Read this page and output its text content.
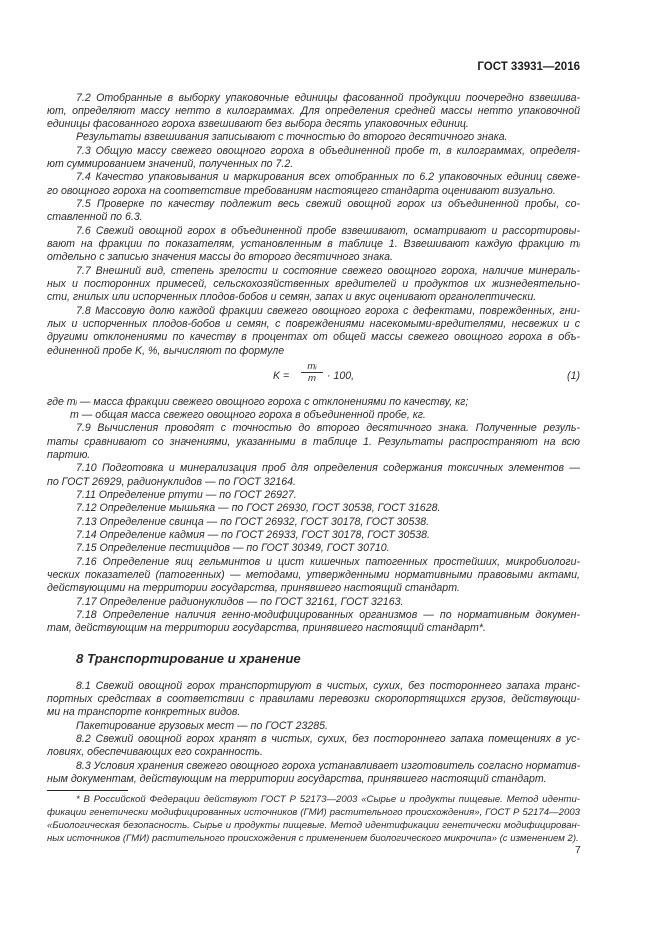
ГОСТ 33931—2016
7.2 Отобранные в выборку упаковочные единицы фасованной продукции поочередно взвешива-
ют, определяют массу нетто в килограммах. Для определения средней массы нетто упаковочной
единицы фасованного гороха взвешивают без выбора десять упаковочных единиц.
Результаты взвешивания записывают с точностью до второго десятичного знака.
7.3 Общую массу свежего овощного гороха в объединенной пробе m, в килограммах, определя-
ют суммированием значений, полученных по 7.2.
7.4 Качество упаковывания и маркирования всех отобранных по 6.2 упаковочных единиц свеже-
го овощного гороха на соответствие требованиям настоящего стандарта оценивают визуально.
7.5 Проверке по качеству подлежит весь свежий овощной горох из объединенной пробы, со-
ставленной по 6.3.
7.6 Свежий овощной горох в объединенной пробе взвешивают, осматривают и рассортировы-
вают на фракции по показателям, установленным в таблице 1. Взвешивают каждую фракцию mᵢ
отдельно с записью значения массы до второго десятичного знака.
7.7 Внешний вид, степень зрелости и состояние свежего овощного гороха, наличие минераль-
ных и посторонних примесей, сельскохозяйственных вредителей и продуктов их жизнедеятельно-
сти, гнилых или испорченных плодов-бобов и семян, запах и вкус оценивают органолептически.
7.8 Массовую долю каждой фракции свежего овощного гороха с дефектами, поврежденных, гни-
лых и испорченных плодов-бобов и семян, с повреждениями насекомыми-вредителями, несвежих и с
другими отклонениями по качеству в процентах от общей массы свежего овощного гороха в объ-
единенной пробе K, %, вычисляют по формуле
$K = \frac{\text{mᵢ}}{m} \cdot 100$,	(1)
где mᵢ — масса фракции свежего овощного гороха с отклонениями по качеству, кг;
m — общая масса свежего овощного гороха в объединенной пробе, кг.
7.9 Вычисления проводят с точностью до второго десятичного знака. Полученные резуль-
таты сравнивают со значениями, указанными в таблице 1. Результаты распространяют на всю
партию.
7.10 Подготовка и минерализация проб для определения содержания токсичных элементов —
по ГОСТ 26929, радионуклидов — по ГОСТ 32164.
7.11 Определение ртути — по ГОСТ 26927.
7.12 Определение мышьяка — по ГОСТ 26930, ГОСТ 30538, ГОСТ 31628.
7.13 Определение свинца — по ГОСТ 26932, ГОСТ 30178, ГОСТ 30538.
7.14 Определение кадмия — по ГОСТ 26933, ГОСТ 30178, ГОСТ 30538.
7.15 Определение пестицидов — по ГОСТ 30349, ГОСТ 30710.
7.16 Определение яиц гельминтов и цист кишечных патогенных простейших, микробиологи-
ческих показателей (патогенных) — методами, утвержденными нормативными правовыми актами,
действующими на территории государства, принявшего настоящий стандарт.
7.17 Определение радионуклидов — по ГОСТ 32161, ГОСТ 32163.
7.18 Определение наличия генно-модифицированных организмов — по нормативным докумен-
там, действующим на территории государства, принявшего настоящий стандарт*.
8 Транспортирование и хранение
8.1 Свежий овощной горох транспортируют в чистых, сухих, без постороннего запаха транс-
портных средствах в соответствии с правилами перевозки скоропортящихся грузов, действующи-
ми на транспорте конкретных видов.
Пакетирование грузовых мест — по ГОСТ 23285.
8.2 Свежий овощной горох хранят в чистых, сухих, без постороннего запаха помещениях в ус-
ловиях, обеспечивающих его сохранность.
8.3 Условия хранения свежего овощного гороха устанавливает изготовитель согласно норматив-
ным документам, действующим на территории государства, принявшего настоящий стандарт.
* В Российской Федерации действуют ГОСТ Р 52173—2003 «Сырье и продукты пищевые. Метод иденти-
фикации генетически модифицированных источников (ГМИ) растительного происхождения», ГОСТ Р 52174—2003
«Биологическая безопасность. Сырье и продукты пищевые. Метод идентификации генетически модифицирован-
ных источников (ГМИ) растительного происхождения с применением биологического микрочипа» (с изменением 2).
7
